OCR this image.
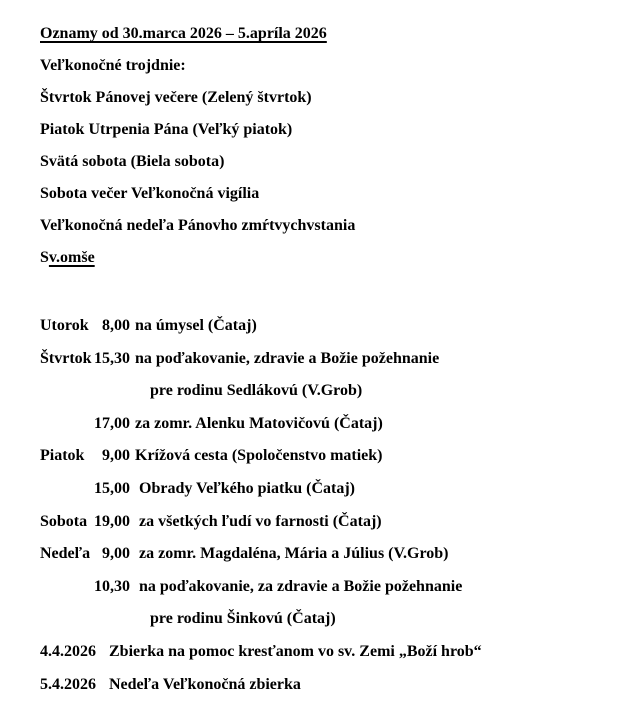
Oznamy od 30.marca 2026 – 5.apríla 2026
Veľkonočné trojdnie:
Štvrtok Pánovej večere (Zelený štvrtok)
Piatok Utrpenia Pána (Veľký piatok)
Svätá sobota (Biela sobota)
Sobota večer Veľkonočná vigília
Veľkonočná nedeľa Pánovho zmŕtvychvstania
Sv.omše
Utorok 8,00 na úmysel (Čataj)
Štvrtok 15,30 na poďakovanie, zdravie a Božie požehnanie
pre rodinu Sedlákovú (V.Grob)
17,00 za zomr. Alenku Matovičovú (Čataj)
Piatok 9,00 Krížová cesta (Spoločenstvo matiek)
15,00 Obrady Veľkého piatku (Čataj)
Sobota 19,00 za všetkých ľudí vo farnosti (Čataj)
Nedeľa 9,00 za zomr. Magdaléna, Mária a Július (V.Grob)
10,30 na poďakovanie, za zdravie a Božie požehnanie
pre rodinu Šinkovú (Čataj)
4.4.2026 Zbierka na pomoc kresťanom vo sv. Zemi „Boží hrob“
5.4.2026 Nedeľa Veľkonočná zbierka
